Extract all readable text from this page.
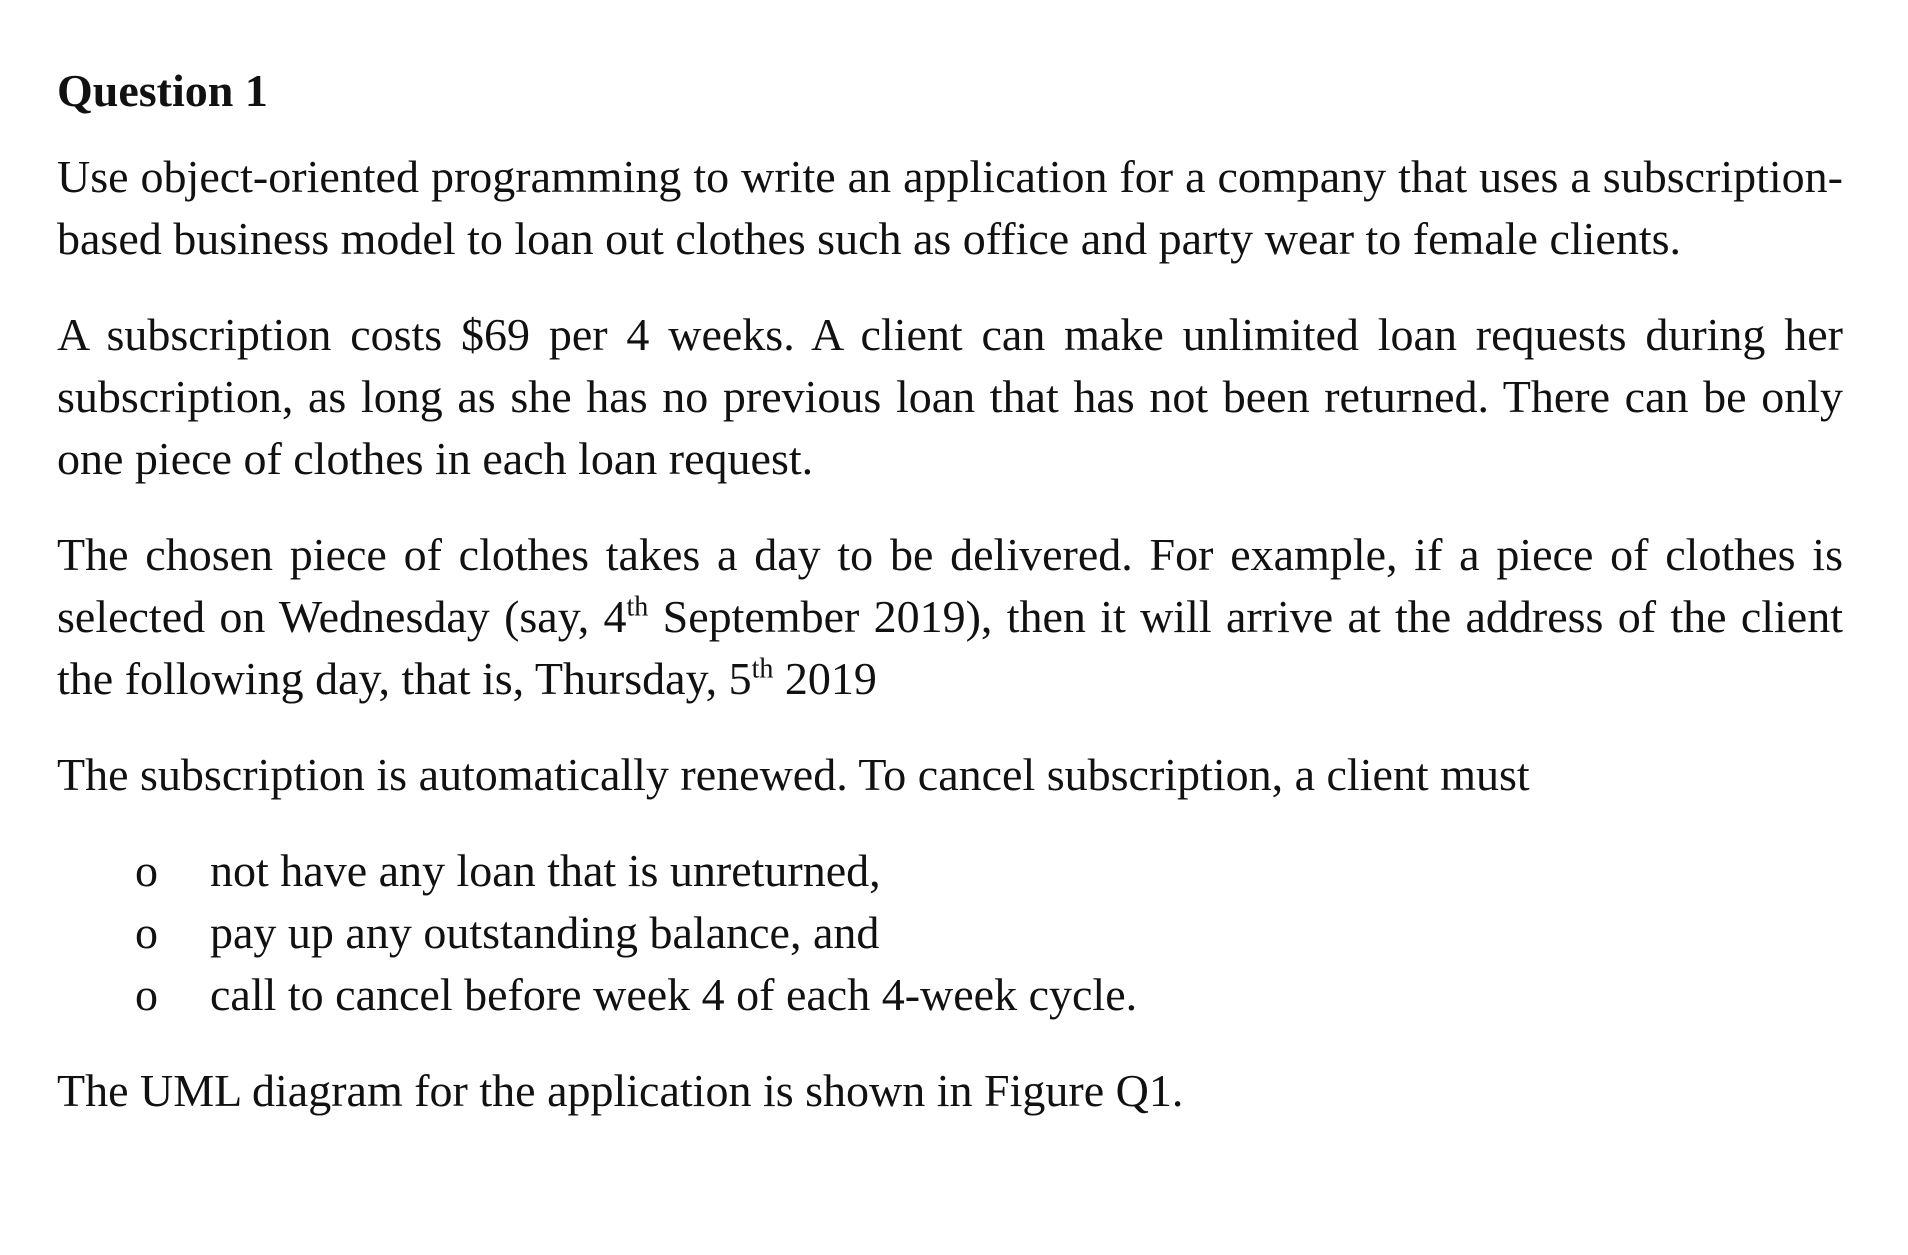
Question 1

Use object-oriented programming to write an application for a company that uses a subscription-based business model to loan out clothes such as office and party wear to female clients.

A subscription costs $69 per 4 weeks. A client can make unlimited loan requests during her subscription, as long as she has no previous loan that has not been returned. There can be only one piece of clothes in each loan request.

The chosen piece of clothes takes a day to be delivered. For example, if a piece of clothes is selected on Wednesday (say, 4th September 2019), then it will arrive at the address of the client the following day, that is, Thursday, 5th 2019

The subscription is automatically renewed. To cancel subscription, a client must

o not have any loan that is unreturned,
o pay up any outstanding balance, and
o call to cancel before week 4 of each 4-week cycle.

The UML diagram for the application is shown in Figure Q1.
